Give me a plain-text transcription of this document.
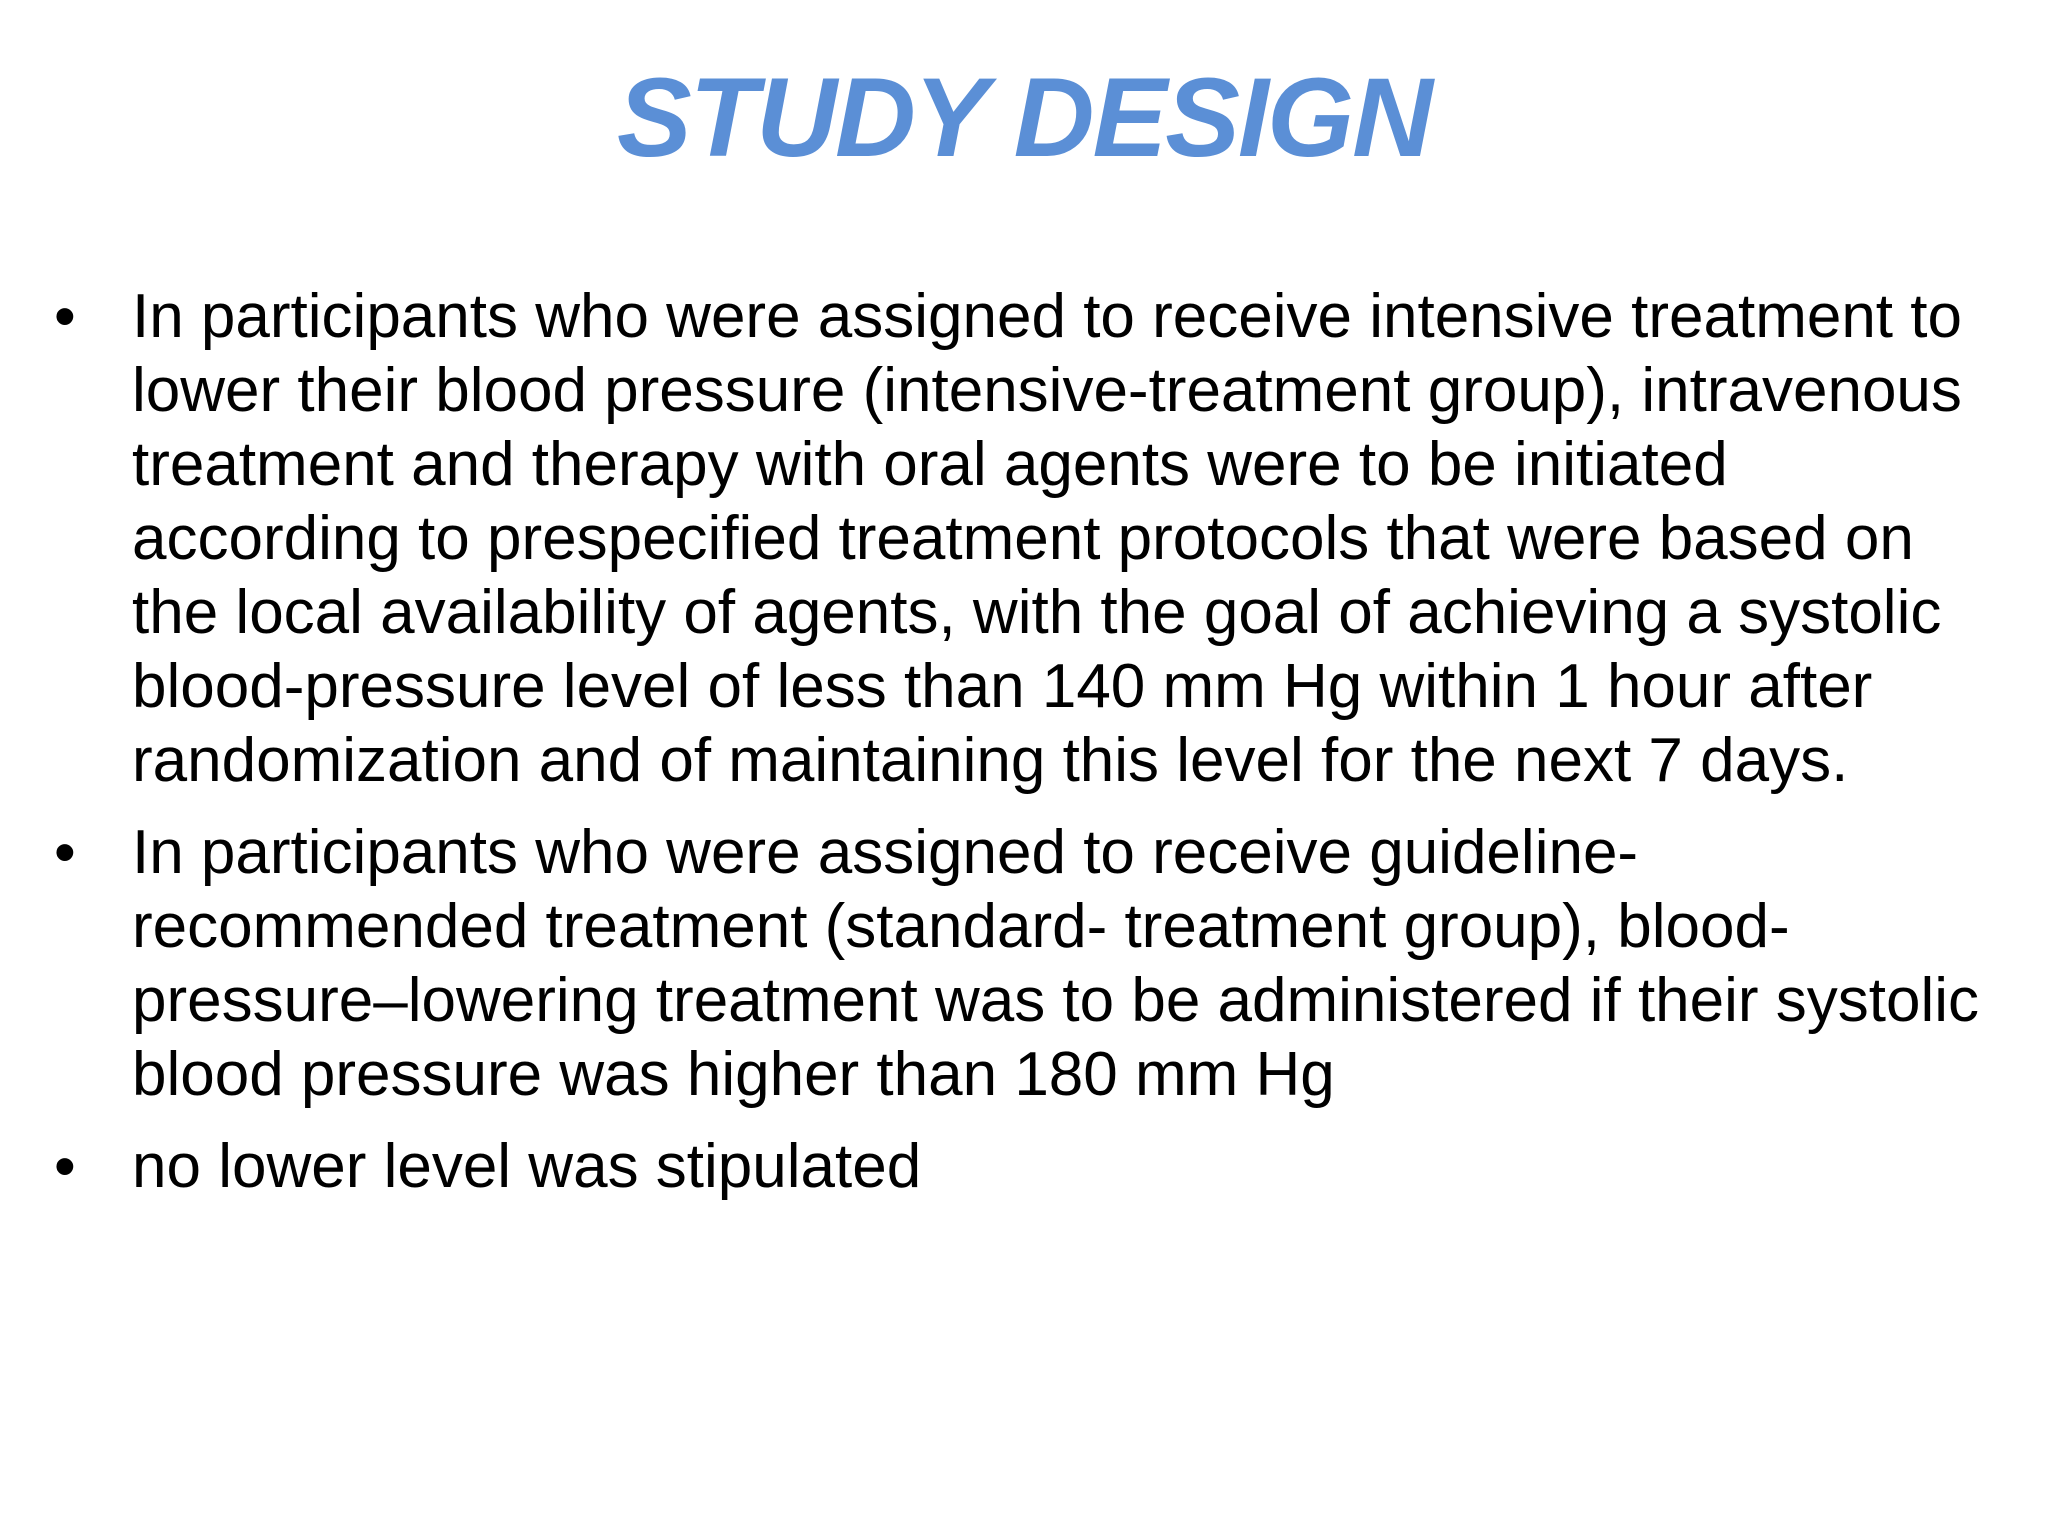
STUDY DESIGN
• In participants who were assigned to receive intensive treatment to lower their blood pressure (intensive-treatment group), intravenous treatment and therapy with oral agents were to be initiated according to prespecified treatment protocols that were based on the local availability of agents, with the goal of achieving a systolic blood-pressure level of less than 140 mm Hg within 1 hour after randomization and of maintaining this level for the next 7 days.
• In participants who were assigned to receive guideline-recommended treatment (standard- treatment group), blood-pressure–lowering treatment was to be administered if their systolic blood pressure was higher than 180 mm Hg
• no lower level was stipulated
